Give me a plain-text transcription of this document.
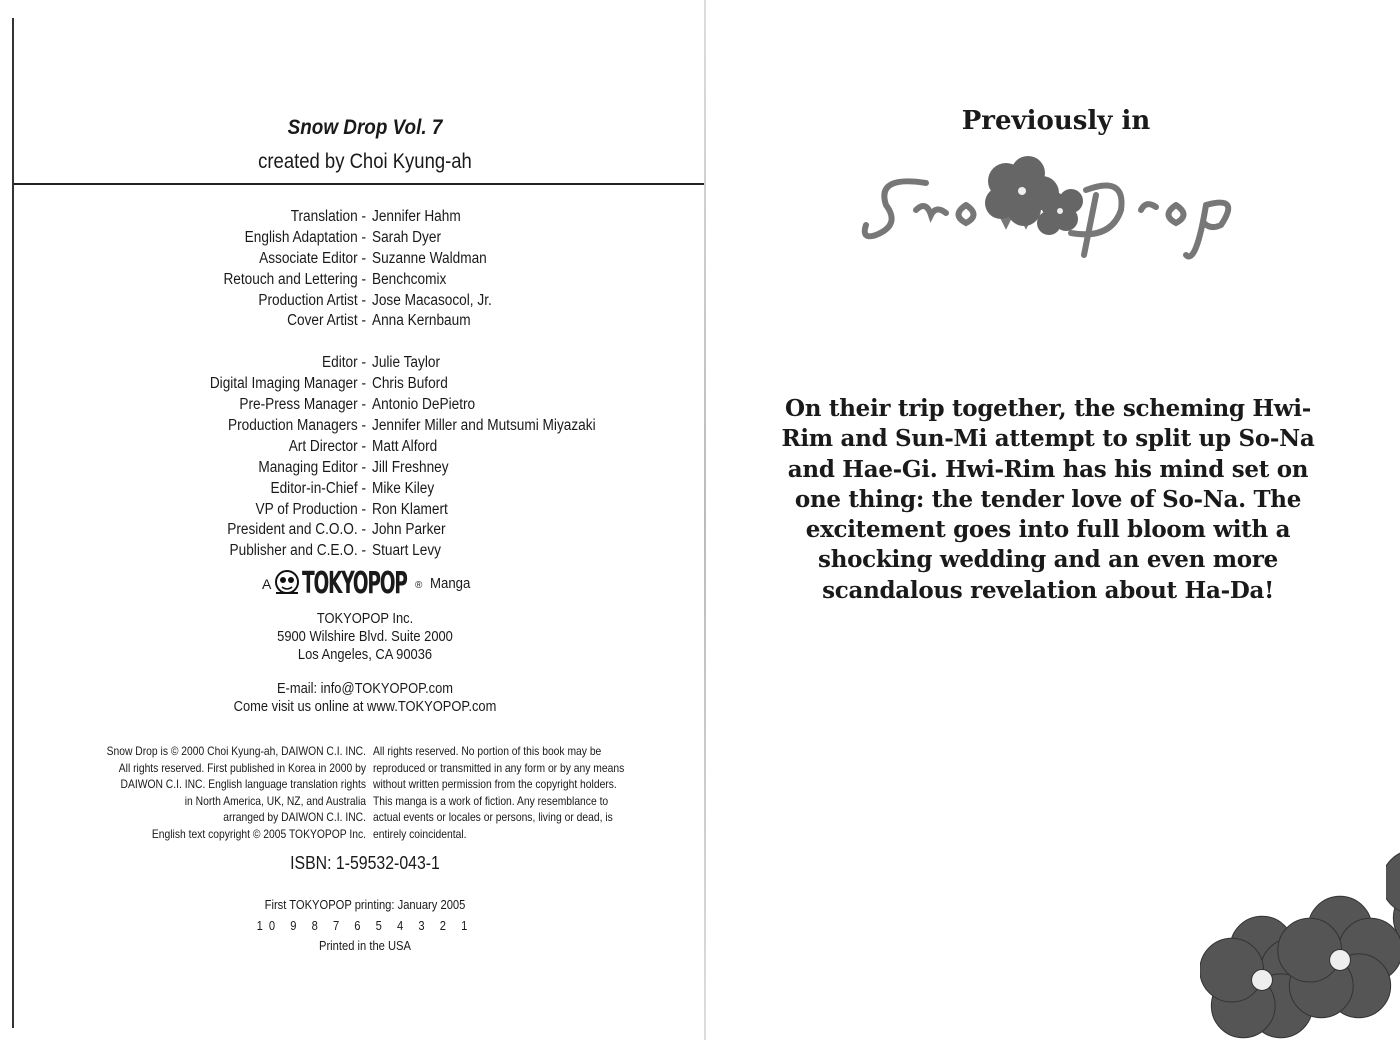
Snow Drop Vol. 7
created by Choi Kyung-ah
Translation - Jennifer Hahm
English Adaptation - Sarah Dyer
Associate Editor - Suzanne Waldman
Retouch and Lettering - Benchcomix
Production Artist - Jose Macasocol, Jr.
Cover Artist - Anna Kernbaum
Editor - Julie Taylor
Digital Imaging Manager - Chris Buford
Pre-Press Manager - Antonio DePietro
Production Managers - Jennifer Miller and Mutsumi Miyazaki
Art Director - Matt Alford
Managing Editor - Jill Freshney
Editor-in-Chief - Mike Kiley
VP of Production - Ron Klamert
President and C.O.O. - John Parker
Publisher and C.E.O. - Stuart Levy
A TOKYOPOP ® Manga
TOKYOPOP Inc.
5900 Wilshire Blvd. Suite 2000
Los Angeles, CA 90036
E-mail: info@TOKYOPOP.com
Come visit us online at www.TOKYOPOP.com
Snow Drop is © 2000 Choi Kyung-ah, DAIWON C.I. INC.
All rights reserved. First published in Korea in 2000 by
DAIWON C.I. INC. English language translation rights
in North America, UK, NZ, and Australia
arranged by DAIWON C.I. INC.
English text copyright © 2005 TOKYOPOP Inc.
All rights reserved. No portion of this book may be
reproduced or transmitted in any form or by any means
without written permission from the copyright holders.
This manga is a work of fiction. Any resemblance to
actual events or locales or persons, living or dead, is
entirely coincidental.
ISBN: 1-59532-043-1
First TOKYOPOP printing: January 2005
10 9 8 7 6 5 4 3 2 1
Printed in the USA
Previously in
On their trip together, the scheming Hwi-Rim and Sun-Mi attempt to split up So-Na and Hae-Gi. Hwi-Rim has his mind set on one thing: the tender love of So-Na. The excitement goes into full bloom with a shocking wedding and an even more scandalous revelation about Ha-Da!
